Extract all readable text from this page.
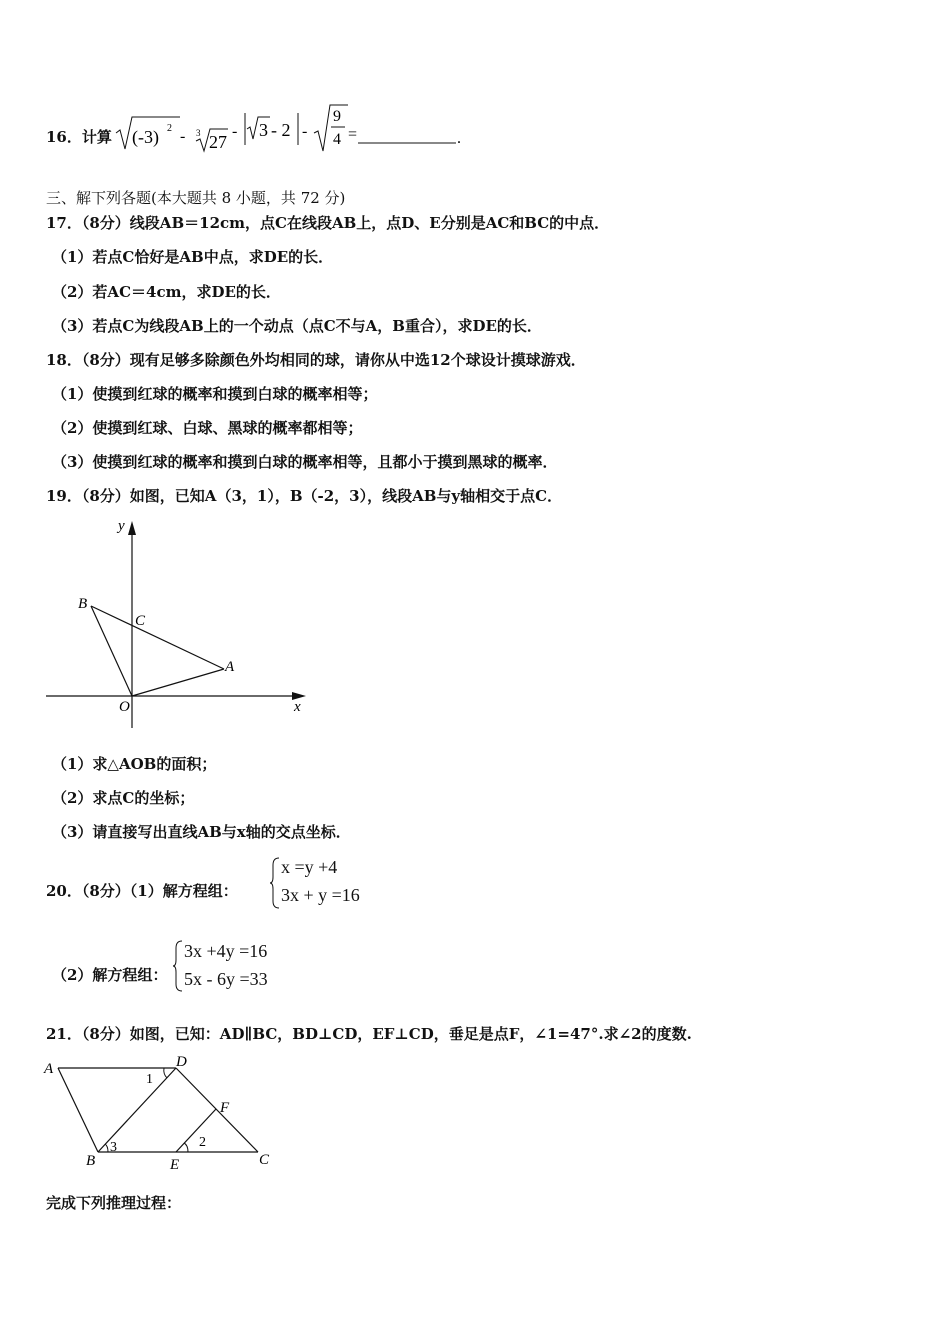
16．计算 (-3) 2 - 3 27
- 3 - 2 -
9
4 =	.
三、解下列各题(本大题共 8 小题，共 72 分)
17．（8分）线段AB＝12cm，点C在线段AB上，点D、E分别是AC和BC的中点．
（1）若点C恰好是AB中点，求DE的长．
（2）若AC＝4cm，求DE的长．
（3）若点C为线段AB上的一个动点（点C不与A，B重合），求DE的长．
18．（8分）现有足够多除颜色外均相同的球，请你从中选12个球设计摸球游戏．
（1）使摸到红球的概率和摸到白球的概率相等；
（2）使摸到红球、白球、黑球的概率都相等；
（3）使摸到红球的概率和摸到白球的概率相等，且都小于摸到黑球的概率．
19．（8分）如图，已知A（3，1），B（-2，3），线段AB与y轴相交于点C．
y
x
B
C
A
O
（1）求△AOB的面积；
（2）求点C的坐标；
（3）请直接写出直线AB与x轴的交点坐标．
20．（8分）（1）解方程组：
x =y +4
3x + y =16
（2）解方程组：
3x +4y =16
5x - 6y =33
21．（8分）如图，已知：AD∥BC，BD⊥CD，EF⊥CD，垂足是点F，∠1=47°.求∠2的度数.
A	D
F
B	E	C
1
2
3
完成下列推理过程：
